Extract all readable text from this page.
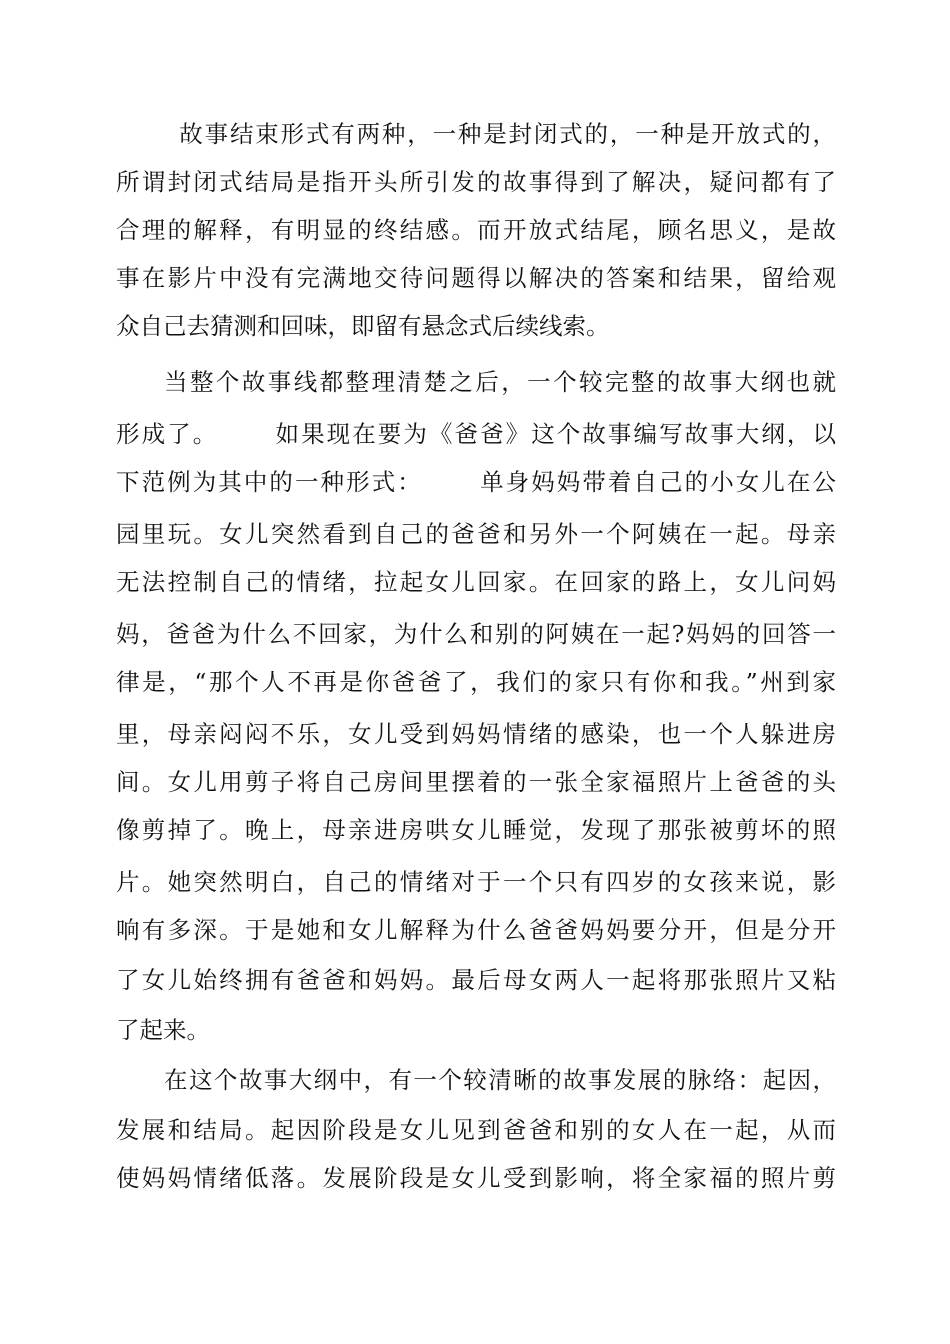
故事结束形式有两种，一种是封闭式的，一种是开放式的，
所谓封闭式结局是指开头所引发的故事得到了解决，疑问都有了
合理的解释，有明显的终结感。而开放式结尾，顾名思义，是故
事在影片中没有完满地交待问题得以解决的答案和结果，留给观
众自己去猜测和回味，即留有悬念式后续线索。
当整个故事线都整理清楚之后，一个较完整的故事大纲也就
形成了。      如果现在要为《爸爸》这个故事编写故事大纲，以
下范例为其中的一种形式：      单身妈妈带着自己的小女儿在公
园里玩。女儿突然看到自己的爸爸和另外一个阿姨在一起。母亲
无法控制自己的情绪，拉起女儿回家。在回家的路上，女儿问妈
妈，爸爸为什么不回家，为什么和别的阿姨在一起?妈妈的回答一
律是，“那个人不再是你爸爸了，我们的家只有你和我。”州到家
里，母亲闷闷不乐，女儿受到妈妈情绪的感染，也一个人躲进房
间。女儿用剪子将自己房间里摆着的一张全家福照片上爸爸的头
像剪掉了。晚上，母亲进房哄女儿睡觉，发现了那张被剪坏的照
片。她突然明白，自己的情绪对于一个只有四岁的女孩来说，影
响有多深。于是她和女儿解释为什么爸爸妈妈要分开，但是分开
了女儿始终拥有爸爸和妈妈。最后母女两人一起将那张照片又粘
了起来。
在这个故事大纲中，有一个较清晰的故事发展的脉络：起因，
发展和结局。起因阶段是女儿见到爸爸和别的女人在一起，从而
使妈妈情绪低落。发展阶段是女儿受到影响，将全家福的照片剪
